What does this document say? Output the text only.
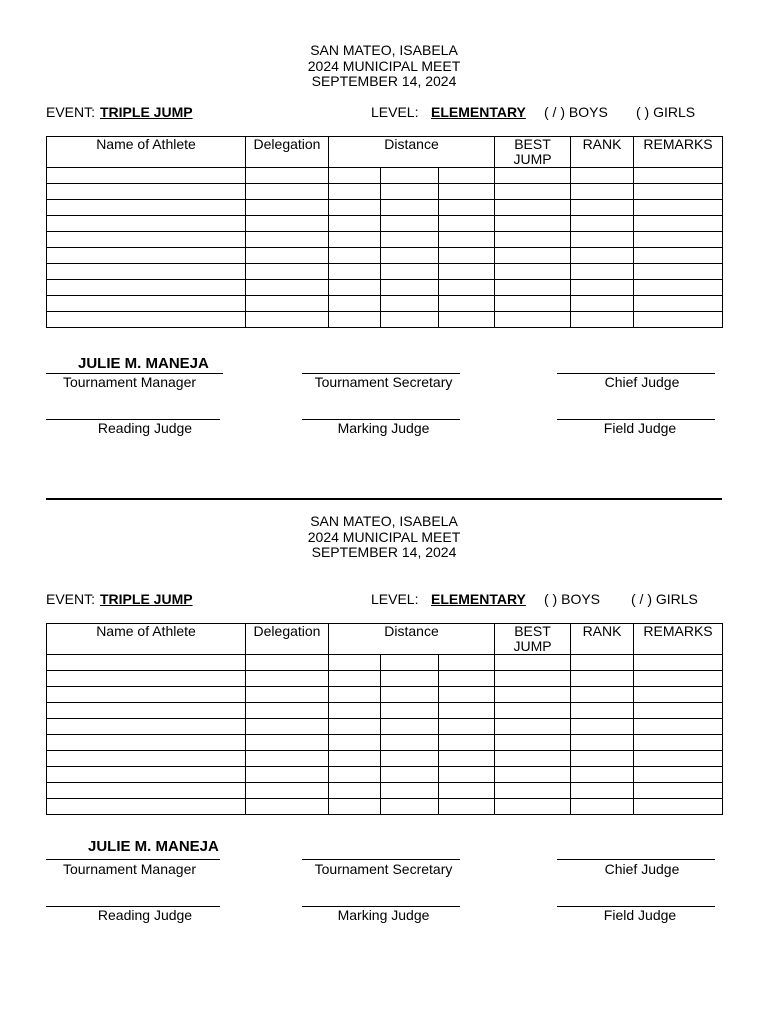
SAN MATEO, ISABELA
2024 MUNICIPAL MEET
SEPTEMBER 14, 2024
EVENT: TRIPLE JUMP	LEVEL: ELEMENTARY ( / ) BOYS ( ) GIRLS
Name of Athlete	Delegation	Distance			BEST JUMP	RANK	REMARKS

JULIE M. MANEJA
Tournament Manager	Tournament Secretary	Chief Judge
Reading Judge	Marking Judge	Field Judge
SAN MATEO, ISABELA
2024 MUNICIPAL MEET
SEPTEMBER 14, 2024
EVENT: TRIPLE JUMP	LEVEL: ELEMENTARY ( ) BOYS ( / ) GIRLS
Name of Athlete	Delegation	Distance			BEST JUMP	RANK	REMARKS

JULIE M. MANEJA
Tournament Manager	Tournament Secretary	Chief Judge
Reading Judge	Marking Judge	Field Judge
